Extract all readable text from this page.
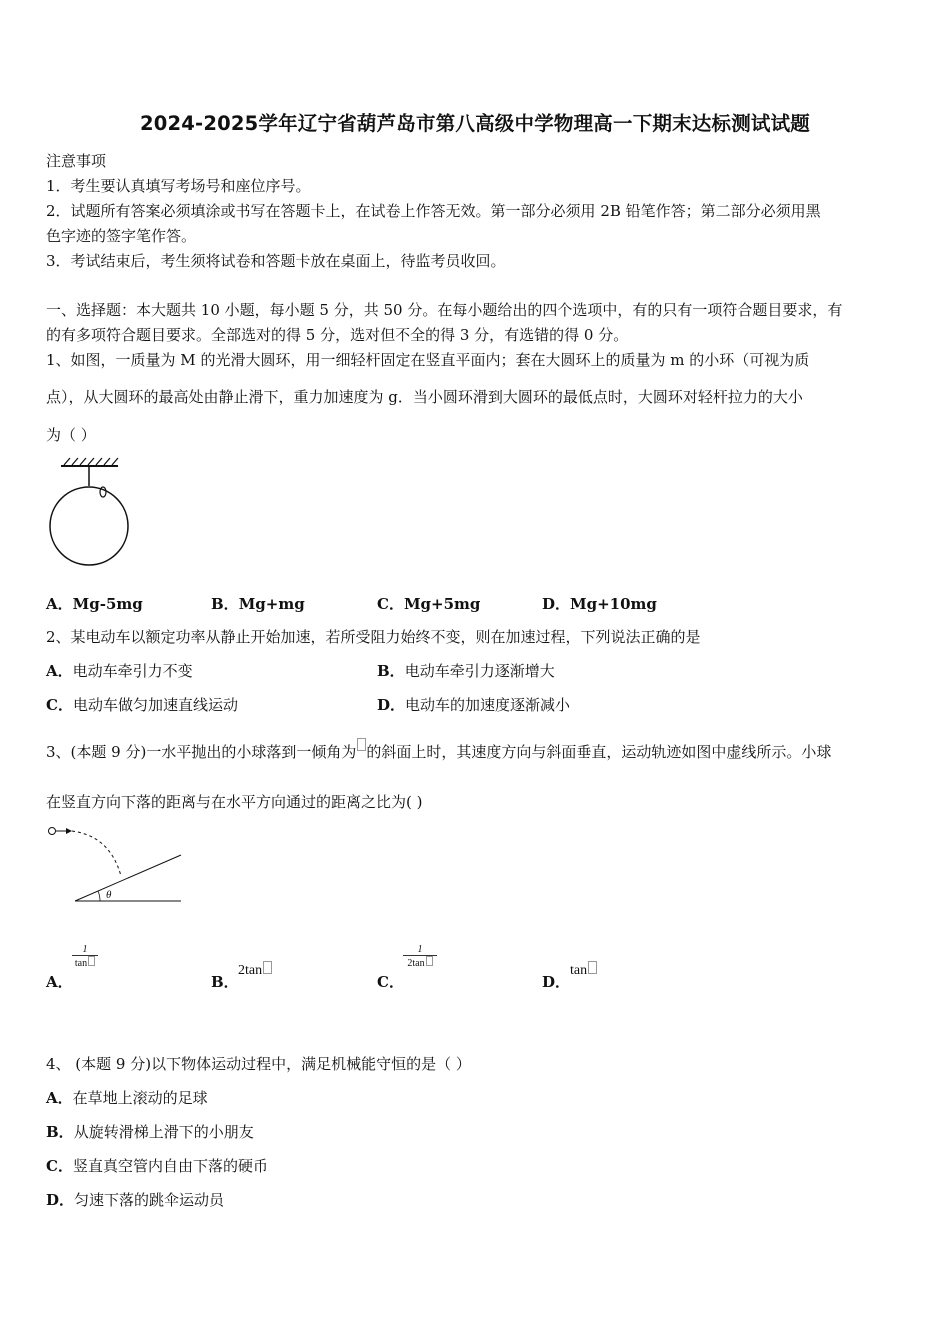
2024-2025学年辽宁省葫芦岛市第八高级中学物理高一下期末达标测试试题
注意事项
1．考生要认真填写考场号和座位序号。
2．试题所有答案必须填涂或书写在答题卡上，在试卷上作答无效。第一部分必须用 2B 铅笔作答；第二部分必须用黑
色字迹的签字笔作答。
3．考试结束后，考生须将试卷和答题卡放在桌面上，待监考员收回。
一、选择题：本大题共 10 小题，每小题 5 分，共 50 分。在每小题给出的四个选项中，有的只有一项符合题目要求，有
的有多项符合题目要求。全部选对的得 5 分，选对但不全的得 3 分，有选错的得 0 分。
1、如图，一质量为 M 的光滑大圆环，用一细轻杆固定在竖直平面内；套在大圆环上的质量为 m 的小环（可视为质
点），从大圆环的最高处由静止滑下，重力加速度为 g．当小圆环滑到大圆环的最低点时，大圆环对轻杆拉力的大小
为（ ）
A．Mg-5mg	B．Mg+mg	C．Mg+5mg	D．Mg+10mg
2、某电动车以额定功率从静止开始加速，若所受阻力始终不变，则在加速过程，下列说法正确的是
A．电动车牵引力不变	B．电动车牵引力逐渐增大
C．电动车做匀加速直线运动	D．电动车的加速度逐渐减小
3、(本题 9 分)一水平抛出的小球落到一倾角为 的斜面上时，其速度方向与斜面垂直，运动轨迹如图中虚线所示。小球
在竖直方向下落的距离与在水平方向通过的距离之比为( )
θ
A．
1
tan
B．
2tan
C．
1
2tan
D．
tan
4、 (本题 9 分)以下物体运动过程中，满足机械能守恒的是（ ）
A．在草地上滚动的足球
B．从旋转滑梯上滑下的小朋友
C．竖直真空管内自由下落的硬币
D．匀速下落的跳伞运动员
